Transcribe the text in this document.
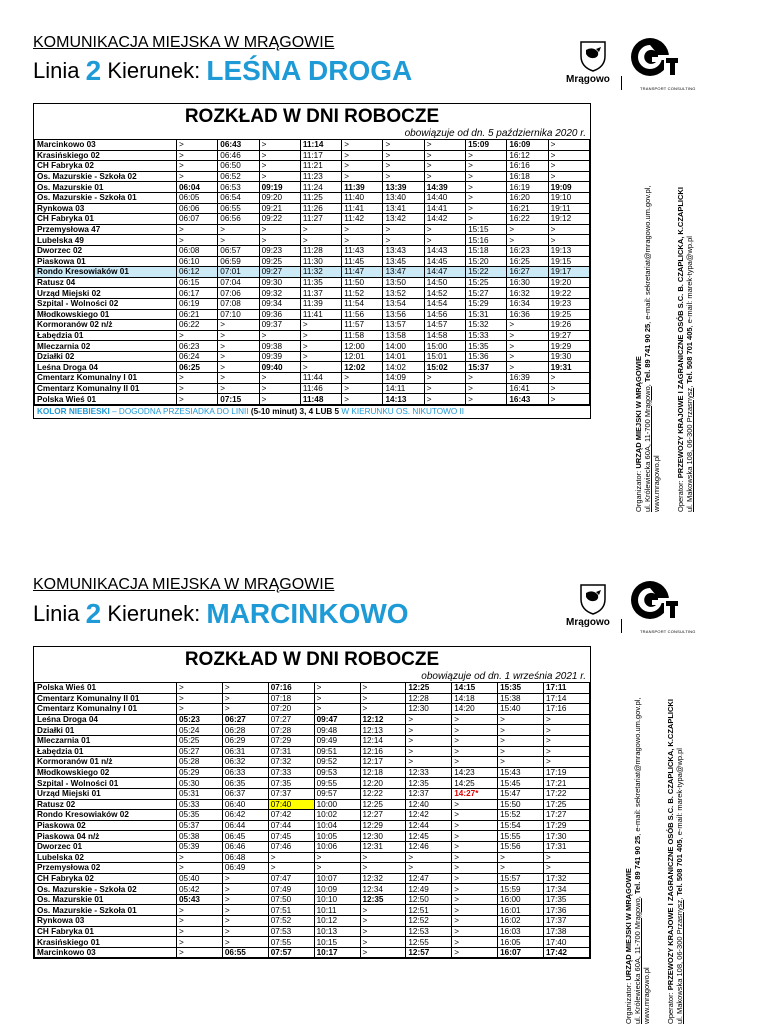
KOMUNIKACJA MIEJSKA W MRĄGOWIE
Linia 2 Kierunek: LEŚNA DROGA	Mrągowo
TRANSPORT CONSULTING
ROZKŁAD W DNI ROBOCZE
obowiązuje od dn. 5 października 2020 r.
Marcinkowo 03	>	06:43	>	11:14	>	>	>	15:09	16:09	>
Krasińskiego 02	>	06:46	>	11:17	>	>	>	>	16:12	>
CH Fabryka 02	>	06:50	>	11:21	>	>	>	>	16:16	>
Os. Mazurskie - Szkoła 02	>	06:52	>	11:23	>	>	>	>	16:18	>
Os. Mazurskie 01	06:04	06:53	09:19	11:24	11:39	13:39	14:39	>	16:19	19:09
Os. Mazurskie - Szkoła 01	06:05	06:54	09:20	11:25	11:40	13:40	14:40	>	16:20	19:10
Rynkowa 03	06:06	06:55	09:21	11:26	11:41	13:41	14:41	>	16:21	19:11
CH Fabryka 01	06:07	06:56	09:22	11:27	11:42	13:42	14:42	>	16:22	19:12
Przemysłowa 47	>	>	>	>	>	>	>	15:15	>	>
Lubelska 49	>	>	>	>	>	>	>	15:16	>	>
Dworzec 02	06:08	06:57	09:23	11:28	11:43	13:43	14:43	15:18	16:23	19:13
Piaskowa 01	06:10	06:59	09:25	11:30	11:45	13:45	14:45	15:20	16:25	19:15
Rondo Kresowiaków 01	06:12	07:01	09:27	11:32	11:47	13:47	14:47	15:22	16:27	19:17
Ratusz 04	06:15	07:04	09:30	11:35	11:50	13:50	14:50	15:25	16:30	19:20
Urząd Miejski 02	06:17	07:06	09:32	11:37	11:52	13:52	14:52	15:27	16:32	19:22
Szpital - Wolności 02	06:19	07:08	09:34	11:39	11:54	13:54	14:54	15:29	16:34	19:23
Młodkowskiego 01	06:21	07:10	09:36	11:41	11:56	13:56	14:56	15:31	16:36	19:25
Kormoranów 02 n/ż	06:22	>	09:37	>	11:57	13:57	14:57	15:32	>	19:26
Łabędzia 01	>	>	>	>	11:58	13:58	14:58	15:33	>	19:27
Mleczarnia 02	06:23	>	09:38	>	12:00	14:00	15:00	15:35	>	19:29
Działki 02	06:24	>	09:39	>	12:01	14:01	15:01	15:36	>	19:30
Leśna Droga 04	06:25	>	09:40	>	12:02	14:02	15:02	15:37	>	19:31
Cmentarz Komunalny I 01	>	>	>	11:44	>	14:09	>	>	16:39	>
Cmentarz Komunalny II 01	>	>	>	11:46	>	14:11	>	>	16:41	>
Polska Wieś 01	>	07:15	>	11:48	>	14:13	>	>	16:43	>
KOLOR NIEBIESKI – DOGODNA PRZESIADKA DO LINII (5-10 minut) 3, 4 LUB 5 W KIERUNKU OS. NIKUTOWO II
Organizator: URZĄD MIEJSKI W MRĄGOWIE ul. Królewiecka 60A, 11-700 Mrągowo, Tel. 89 741 90 25, e-mail: sekretariat@mragowo.um.gov.pl,
www.mragowo.pl Operator: PRZEWOZY KRAJOWE I ZAGRANICZNE OSÓB S.C. B. CZAPLICKA, K.CZAPLICKI ul. Makowska 108, 06-300 Przasnysz, Tel. 508 701 405, e-mail: marek-typa@wp.pl
KOMUNIKACJA MIEJSKA W MRĄGOWIE
Linia 2 Kierunek: MARCINKOWO	Mrągowo
TRANSPORT CONSULTING
ROZKŁAD W DNI ROBOCZE
obowiązuje od dn. 1 września 2021 r.
Polska Wieś 01	>	>	07:16	>	>	12:25	14:15	15:35	17:11
Cmentarz Komunalny II 01	>	>	07:18	>	>	12:28	14:18	15:38	17:14
Cmentarz Komunalny I 01	>	>	07:20	>	>	12:30	14:20	15:40	17:16
Leśna Droga 04	05:23	06:27	07:27	09:47	12:12	>	>	>	>
Działki 01	05:24	06:28	07:28	09:48	12:13	>	>	>	>
Mleczarnia 01	05:25	06:29	07:29	09:49	12:14	>	>	>	>
Łabędzia 01	05:27	06:31	07:31	09:51	12:16	>	>	>	>
Kormoranów 01 n/ż	05:28	06:32	07:32	09:52	12:17	>	>	>	>
Młodkowskiego 02	05:29	06:33	07:33	09:53	12:18	12:33	14:23	15:43	17:19
Szpital - Wolności 01	05:30	06:35	07:35	09:55	12:20	12:35	14:25	15:45	17:21
Urząd Miejski 01	05:31	06:37	07:37	09:57	12:22	12:37	14:27*	15:47	17:22
Ratusz 02	05:33	06:40	07:40	10:00	12:25	12:40	>	15:50	17:25
Rondo Kresowiaków 02	05:35	06:42	07:42	10:02	12:27	12:42	>	15:52	17:27
Piaskowa 02	05:37	06:44	07:44	10:04	12:29	12:44	>	15:54	17:29
Piaskowa 04 n/ż	05:38	06:45	07:45	10:05	12:30	12:45	>	15:55	17:30
Dworzec 01	05:39	06:46	07:46	10:06	12:31	12:46	>	15:56	17:31
Lubelska 02	>	06:48	>	>	>	>	>	>	>
Przemysłowa 02	>	06:49	>	>	>	>	>	>	>
CH Fabryka 02	05:40	>	07:47	10:07	12:32	12:47	>	15:57	17:32
Os. Mazurskie - Szkoła 02	05:42	>	07:49	10:09	12:34	12:49	>	15:59	17:34
Os. Mazurskie 01	05:43	>	07:50	10:10	12:35	12:50	>	16:00	17:35
Os. Mazurskie - Szkoła 01	>	>	07:51	10:11	>	12:51	>	16:01	17:36
Rynkowa 03	>	>	07:52	10:12	>	12:52	>	16:02	17:37
CH Fabryka 01	>	>	07:53	10:13	>	12:53	>	16:03	17:38
Krasińskiego 01	>	>	07:55	10:15	>	12:55	>	16:05	17:40
Marcinkowo 03	>	06:55	07:57	10:17	>	12:57	>	16:07	17:42
Organizator: URZĄD MIEJSKI W MRĄGOWIE ul. Królewiecka 60A, 11-700 Mrągowo, Tel. 89 741 90 25, e-mail: sekretariat@mragowo.um.gov.pl,
www.mragowo.pl Operator: PRZEWOZY KRAJOWE I ZAGRANICZNE OSÓB S.C. B. CZAPLICKA, K.CZAPLICKI ul. Makowska 108, 06-300 Przasnysz, Tel. 508 701 405, e-mail: marek-typa@wp.pl
